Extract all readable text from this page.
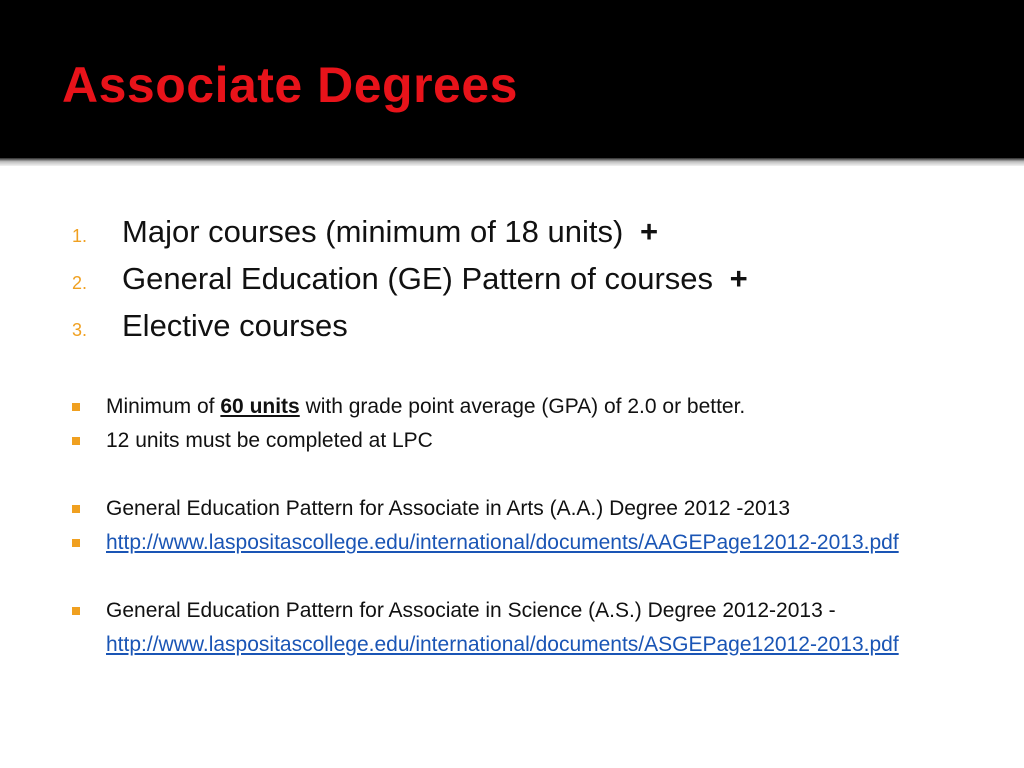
Associate Degrees
1.	Major courses (minimum of 18 units) +
2.	General Education (GE) Pattern of courses +
3.	Elective courses
Minimum of 60 units with grade point average (GPA) of 2.0 or better.
12 units must be completed at LPC
General Education Pattern for Associate in Arts (A.A.) Degree 2012 -2013
http://www.laspositascollege.edu/international/documents/AAGEPage12012-2013.pdf
General Education Pattern for Associate in Science (A.S.) Degree 2012-2013 -
http://www.laspositascollege.edu/international/documents/ASGEPage12012-2013.pdf
